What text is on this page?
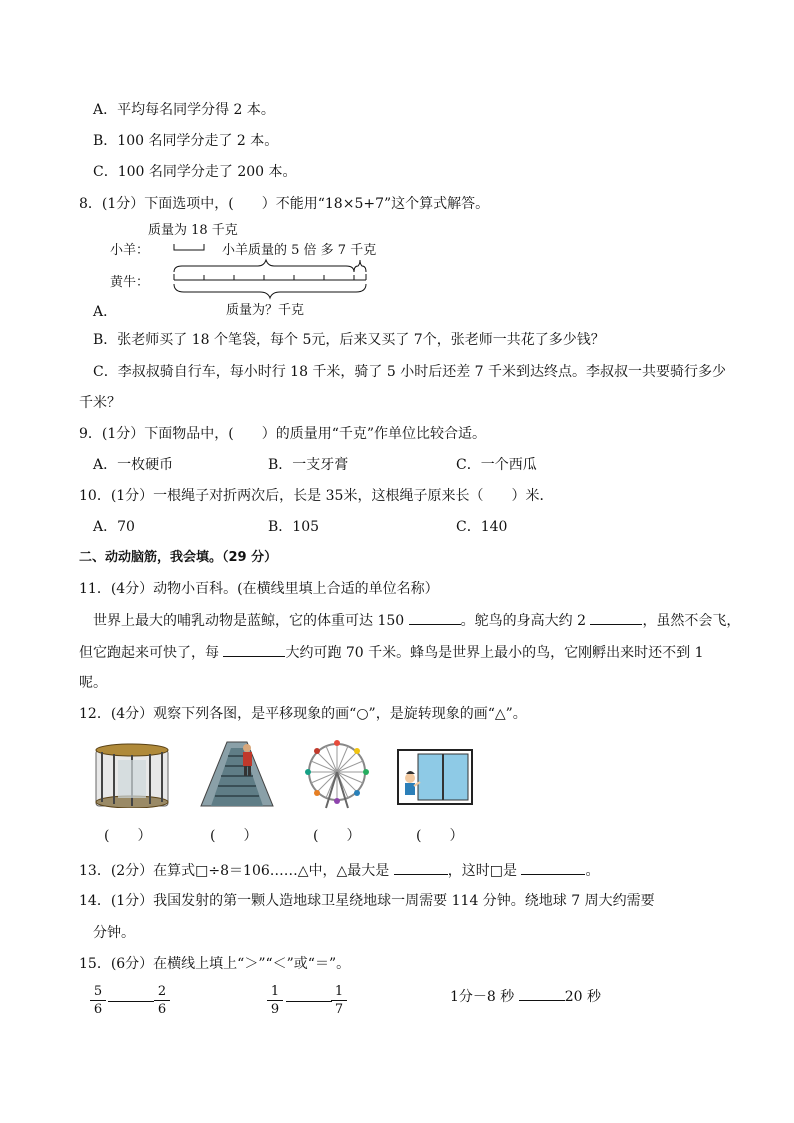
A．平均每名同学分得 2 本。
B．100 名同学分走了 2 本。
C．100 名同学分走了 200 本。
8．(1分）下面选项中，(　　）不能用“18×5+7”这个算式解答。
质量为 18 千克
小羊：	小羊质量的 5 倍 多 7 千克
黄牛：
质量为？千克
A．
B．张老师买了 18 个笔袋，每个 5元，后来又买了 7个，张老师一共花了多少钱？
C．李叔叔骑自行车，每小时行 18 千米，骑了 5 小时后还差 7 千米到达终点。李叔叔一共要骑行多少
千米？
9．(1分）下面物品中，(　　）的质量用“千克”作单位比较合适。
A．一枚硬币	B．一支牙膏	C．一个西瓜
10．(1分）一根绳子对折两次后，长是 35米，这根绳子原来长（　　）米．
A．70	B．105	C．140
二、动动脑筋，我会填。（29 分）
11．(4分）动物小百科。(在横线里填上合适的单位名称）
世界上最大的哺乳动物是蓝鲸，它的体重可达 150	。鸵鸟的身高大约 2	，虽然不会飞，
但它跑起来可快了，每	大约可跑 70 千米。蜂鸟是世界上最小的鸟，它刚孵出来时还不到 1
呢。
12．(4分）观察下列各图，是平移现象的画“○”，是旋转现象的画“△”。
(　　）	(　　）	(　　）	(　　）
13．(2分）在算式□÷8＝106……△中，△最大是	，这时□是	。
14．(1分）我国发射的第一颗人造地球卫星绕地球一周需要 114 分钟。绕地球 7 周大约需要
分钟。
15．(6分）在横线上填上“＞”“＜”或“＝”。
5
6
2
6
1
9
1
7
1分－8 秒	20 秒
